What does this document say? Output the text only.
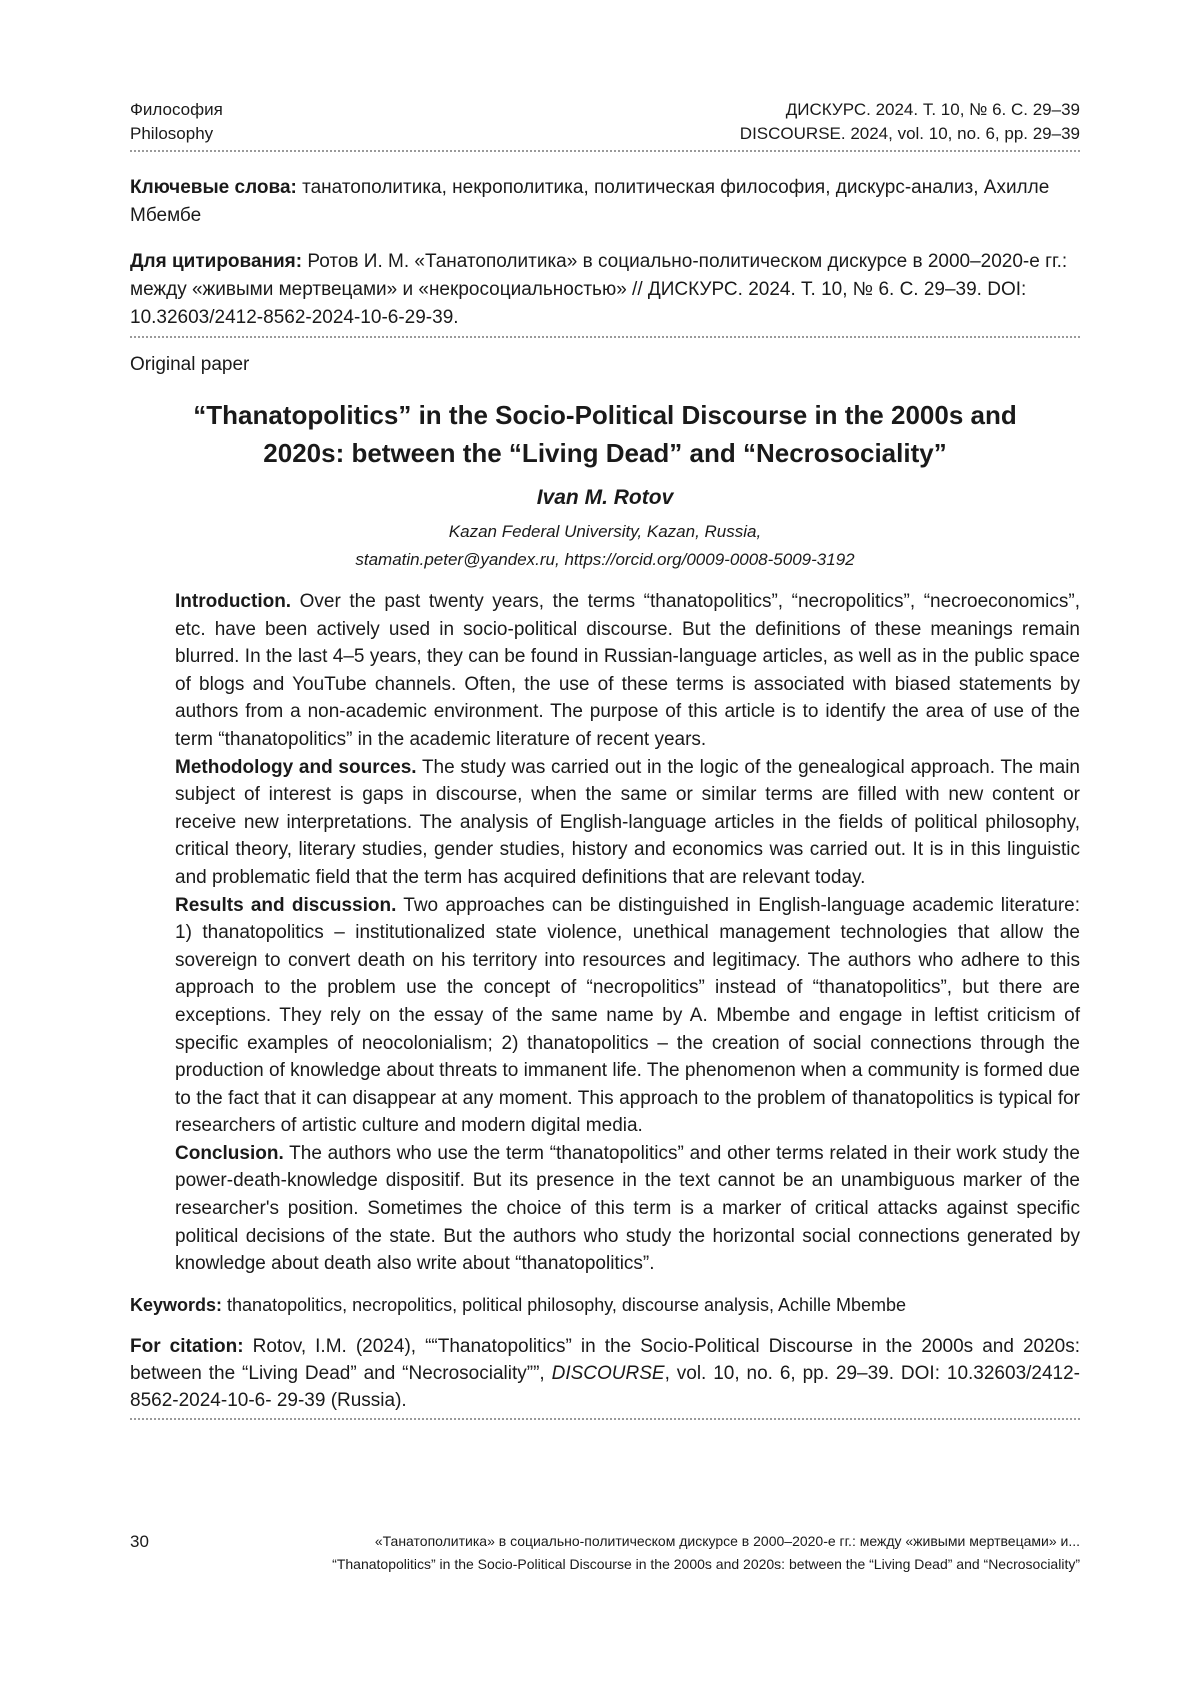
Философия
Philosophy
ДИСКУРС. 2024. Т. 10, № 6. С. 29–39
DISCOURSE. 2024, vol. 10, no. 6, pp. 29–39
Ключевые слова: танатополитика, некрополитика, политическая философия, дискурс-анализ, Ахилле Мбембе
Для цитирования: Ротов И. М. «Танатополитика» в социально-политическом дискурсе в 2000–2020-е гг.: между «живыми мертвецами» и «некросоциальностью» // ДИСКУРС. 2024. Т. 10, № 6. С. 29–39. DOI: 10.32603/2412-8562-2024-10-6-29-39.
Original paper
“Thanatopolitics” in the Socio-Political Discourse in the 2000s and 2020s: between the “Living Dead” and “Necrosociality”
Ivan M. Rotov
Kazan Federal University, Kazan, Russia,
stamatin.peter@yandex.ru, https://orcid.org/0009-0008-5009-3192

Introduction. Over the past twenty years, the terms “thanatopolitics”, “necropolitics”, “necroeconomics”, etc. have been actively used in socio-political discourse. But the definitions of these meanings remain blurred. In the last 4–5 years, they can be found in Russian-language articles, as well as in the public space of blogs and YouTube channels. Often, the use of these terms is associated with biased statements by authors from a non-academic environment. The purpose of this article is to identify the area of use of the term “thanatopolitics” in the academic literature of recent years.

Methodology and sources. The study was carried out in the logic of the genealogical approach. The main subject of interest is gaps in discourse, when the same or similar terms are filled with new content or receive new interpretations. The analysis of English-language articles in the fields of political philosophy, critical theory, literary studies, gender studies, history and economics was carried out. It is in this linguistic and problematic field that the term has acquired definitions that are relevant today.

Results and discussion. Two approaches can be distinguished in English-language academic literature: 1) thanatopolitics – institutionalized state violence, unethical management technologies that allow the sovereign to convert death on his territory into resources and legitimacy. The authors who adhere to this approach to the problem use the concept of “necropolitics” instead of “thanatopolitics”, but there are exceptions. They rely on the essay of the same name by A. Mbembe and engage in leftist criticism of specific examples of neocolonialism; 2) thanatopolitics – the creation of social connections through the production of knowledge about threats to immanent life. The phenomenon when a community is formed due to the fact that it can disappear at any moment. This approach to the problem of thanatopolitics is typical for researchers of artistic culture and modern digital media.

Conclusion. The authors who use the term “thanatopolitics” and other terms related in their work study the power-death-knowledge dispositif. But its presence in the text cannot be an unambiguous marker of the researcher's position. Sometimes the choice of this term is a marker of critical attacks against specific political decisions of the state. But the authors who study the horizontal social connections generated by knowledge about death also write about “thanatopolitics”.

Keywords: thanatopolitics, necropolitics, political philosophy, discourse analysis, Achille Mbembe
For citation: Rotov, I.M. (2024), ““Thanatopolitics” in the Socio-Political Discourse in the 2000s and 2020s: between the “Living Dead” and “Necrosociality””, DISCOURSE, vol. 10, no. 6, pp. 29–39. DOI: 10.32603/2412-8562-2024-10-6- 29-39 (Russia).
30	«Танатополитика» в социально-политическом дискурсе в 2000–2020-е гг.: между «живыми мертвецами» и...
“Thanatopolitics” in the Socio-Political Discourse in the 2000s and 2020s: between the “Living Dead” and “Necrosociality”
